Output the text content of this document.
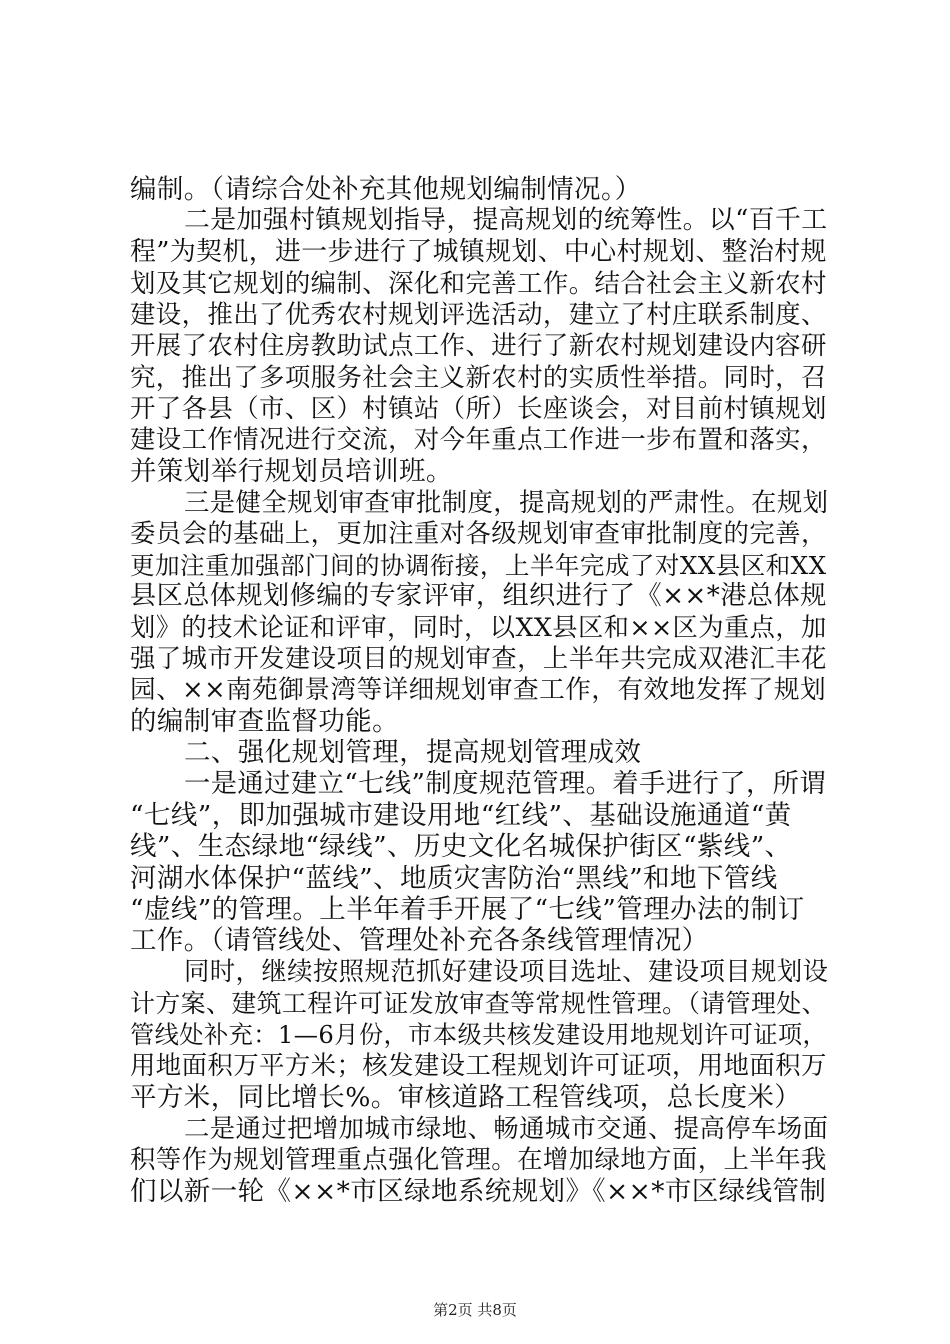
编制。（请综合处补充其他规划编制情况。）
二是加强村镇规划指导，提高规划的统筹性。以“百千工
程”为契机，进一步进行了城镇规划、中心村规划、整治村规
划及其它规划的编制、深化和完善工作。结合社会主义新农村
建设，推出了优秀农村规划评选活动，建立了村庄联系制度、
开展了农村住房教助试点工作、进行了新农村规划建设内容研
究，推出了多项服务社会主义新农村的实质性举措。同时，召
开了各县（市、区）村镇站（所）长座谈会，对目前村镇规划
建设工作情况进行交流，对今年重点工作进一步布置和落实，
并策划举行规划员培训班。
三是健全规划审查审批制度，提高规划的严肃性。在规划
委员会的基础上，更加注重对各级规划审查审批制度的完善，
更加注重加强部门间的协调衔接，上半年完成了对XX县区和XX
县区总体规划修编的专家评审，组织进行了《××*港总体规
划》的技术论证和评审，同时，以XX县区和××区为重点，加
强了城市开发建设项目的规划审查，上半年共完成双港汇丰花
园、××南苑御景湾等详细规划审查工作，有效地发挥了规划
的编制审查监督功能。
二、强化规划管理，提高规划管理成效
一是通过建立“七线”制度规范管理。着手进行了，所谓
“七线”，即加强城市建设用地“红线”、基础设施通道“黄
线”、生态绿地“绿线”、历史文化名城保护街区“紫线”、
河湖水体保护“蓝线”、地质灾害防治“黑线”和地下管线
“虚线”的管理。上半年着手开展了“七线”管理办法的制订
工作。（请管线处、管理处补充各条线管理情况）
同时，继续按照规范抓好建设项目选址、建设项目规划设
计方案、建筑工程许可证发放审查等常规性管理。（请管理处、
管线处补充：1—6月份，市本级共核发建设用地规划许可证项，
用地面积万平方米；核发建设工程规划许可证项，用地面积万
平方米，同比增长%。审核道路工程管线项，总长度米）
二是通过把增加城市绿地、畅通城市交通、提高停车场面
积等作为规划管理重点强化管理。在增加绿地方面，上半年我
们以新一轮《××*市区绿地系统规划》《××*市区绿线管制
第2页 共8页
